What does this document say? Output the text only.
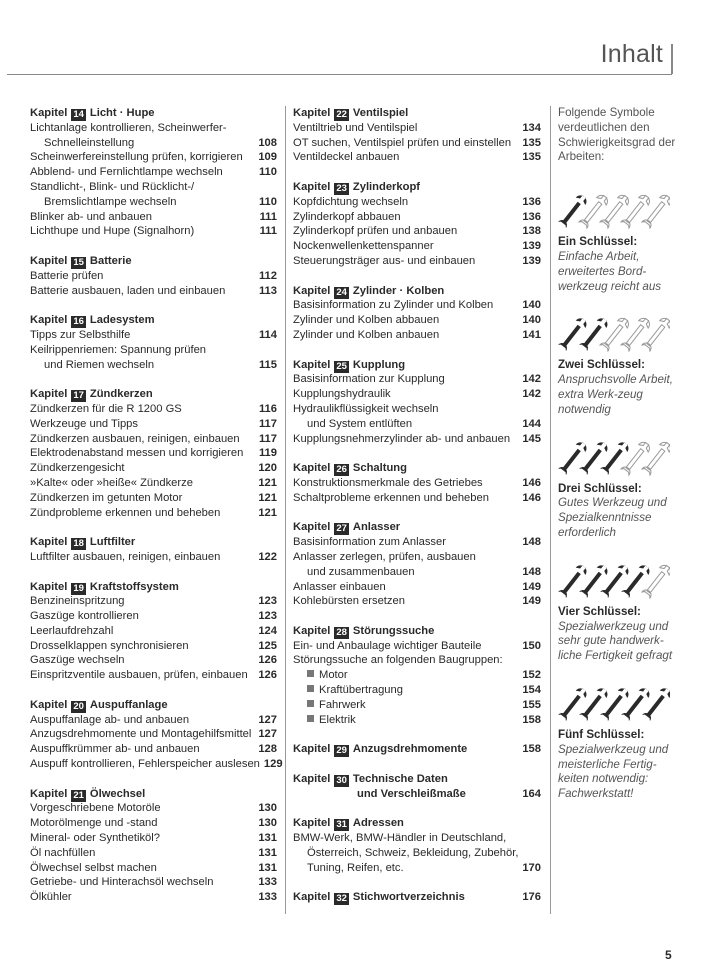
Inhalt
Kapitel 14 Licht · Hupe
Lichtanlage kontrollieren, Scheinwerfer-
Schnelleinstellung	108
Scheinwerfereinstellung prüfen, korrigieren	109
Abblend- und Fernlichtlampe wechseln	110
Standlicht-, Blink- und Rücklicht-/
Bremslichtlampe wechseln	110
Blinker ab- und anbauen	111
Lichthupe und Hupe (Signalhorn)	111
Kapitel 15 Batterie
Batterie prüfen	112
Batterie ausbauen, laden und einbauen	113
Kapitel 16 Ladesystem
Tipps zur Selbsthilfe	114
Keilrippenriemen: Spannung prüfen
und Riemen wechseln	115
Kapitel 17 Zündkerzen
Zündkerzen für die R 1200 GS	116
Werkzeuge und Tipps	117
Zündkerzen ausbauen, reinigen, einbauen	117
Elektrodenabstand messen und korrigieren	119
Zündkerzengesicht	120
»Kalte« oder »heiße« Zündkerze	121
Zündkerzen im getunten Motor	121
Zündprobleme erkennen und beheben	121
Kapitel 18 Luftfilter
Luftfilter ausbauen, reinigen, einbauen	122
Kapitel 19 Kraftstoffsystem
Benzineinspritzung	123
Gaszüge kontrollieren	123
Leerlaufdrehzahl	124
Drosselklappen synchronisieren	125
Gaszüge wechseln	126
Einspritzventile ausbauen, prüfen, einbauen 126
Kapitel 20 Auspuffanlage
Auspuffanlage ab- und anbauen	127
Anzugsdrehmomente und Montagehilfsmittel 127
Auspuffkrümmer ab- und anbauen	128
Auspuff kontrollieren, Fehlerspeicher auslesen 129
Kapitel 21 Ölwechsel
Vorgeschriebene Motoröle	130
Motorölmenge und -stand	130
Mineral- oder Synthetiköl?	131
Öl nachfüllen	131
Ölwechsel selbst machen	131
Getriebe- und Hinterachsöl wechseln	133
Ölkühler	133
Kapitel 22 Ventilspiel
Ventiltrieb und Ventilspiel	134
OT suchen, Ventilspiel prüfen und einstellen	135
Ventildeckel anbauen	135
Kapitel 23 Zylinderkopf
Kopfdichtung wechseln	136
Zylinderkopf abbauen	136
Zylinderkopf prüfen und anbauen	138
Nockenwellenkettenspanner	139
Steuerungsträger aus- und einbauen	139
Kapitel 24 Zylinder · Kolben
Basisinformation zu Zylinder und Kolben	140
Zylinder und Kolben abbauen	140
Zylinder und Kolben anbauen	141
Kapitel 25 Kupplung
Basisinformation zur Kupplung	142
Kupplungshydraulik	142
Hydraulikflüssigkeit wechseln
und System entlüften	144
Kupplungsnehmerzylinder ab- und anbauen	145
Kapitel 26 Schaltung
Konstruktionsmerkmale des Getriebes	146
Schaltprobleme erkennen und beheben	146
Kapitel 27 Anlasser
Basisinformation zum Anlasser	148
Anlasser zerlegen, prüfen, ausbauen
und zusammenbauen	148
Anlasser einbauen	149
Kohlebürsten ersetzen	149
Kapitel 28 Störungssuche
Ein- und Anbaulage wichtiger Bauteile	150
Störungssuche an folgenden Baugruppen:
Motor	152
Kraftübertragung	154
Fahrwerk	155
Elektrik	158
Kapitel 29 Anzugsdrehmomente	158
Kapitel 30 Technische Daten
und Verschleißmaße	164
Kapitel 31 Adressen
BMW-Werk, BMW-Händler in Deutschland,
Österreich, Schweiz, Bekleidung, Zubehör,
Tuning, Reifen, etc.	170
Kapitel 32 Stichwortverzeichnis	176
Folgende Symbole verdeutlichen den Schwierigkeitsgrad der Arbeiten:
Ein Schlüssel:
Einfache Arbeit, erweitertes Bord-werkzeug reicht aus
Zwei Schlüssel:
Anspruchsvolle Arbeit, extra Werk-zeug notwendig
Drei Schlüssel:
Gutes Werkzeug und Spezialkenntnisse erforderlich
Vier Schlüssel:
Spezialwerkzeug und sehr gute handwerk-liche Fertigkeit gefragt
Fünf Schlüssel:
Spezialwerkzeug und meisterliche Fertig-keiten notwendig: Fachwerkstatt!
5
